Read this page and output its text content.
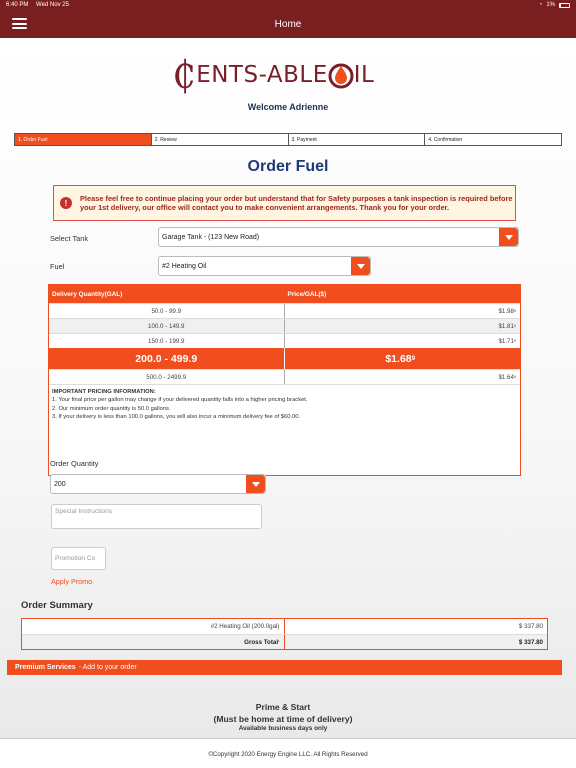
6:40 PM Wed Nov 25	◔ 1%
Home
₵ ENTS-ABLE IL
Welcome Adrienne
1. Order Fuel	2. Review	3. Payment	4. Confirmation
Order Fuel
!
Please feel free to continue placing your order but understand that for Safety purposes a tank inspection is required before your 1st delivery, our office will contact you to make convenient arrangements. Thank you for your order.
Select Tank	Garage Tank - (123 New Road)
Fuel	#2 Heating Oil
Delivery Quantity(GAL)	Price/GAL($)
50.0 - 99.9	$1.98 9
100.0 - 149.9	$1.81 9
150.0 - 199.9	$1.71 9
200.0 - 499.9	$1.68 9
500.0 - 2499.9	$1.64 9
IMPORTANT PRICING INFORMATION:
1. Your final price per gallon may change if your delivered quantity falls into a higher pricing bracket.
2. Our minimum order quantity is 50.0 gallons.
3. If your delivery is less than 100.0 gallons, you will also incur a minimum delivery fee of $60.00.
Order Quantity
200
Special Instructions
Promotion Co
Apply Promo
Order Summary
#2 Heating Oil (200.0gal)	$ 337.80
Gross Total *	$ 337.80
Premium Services - Add to your order
Prime & Start
(Must be home at time of delivery)
Available business days only
©Copyright 2020 Energy Engine LLC. All Rights Reserved
